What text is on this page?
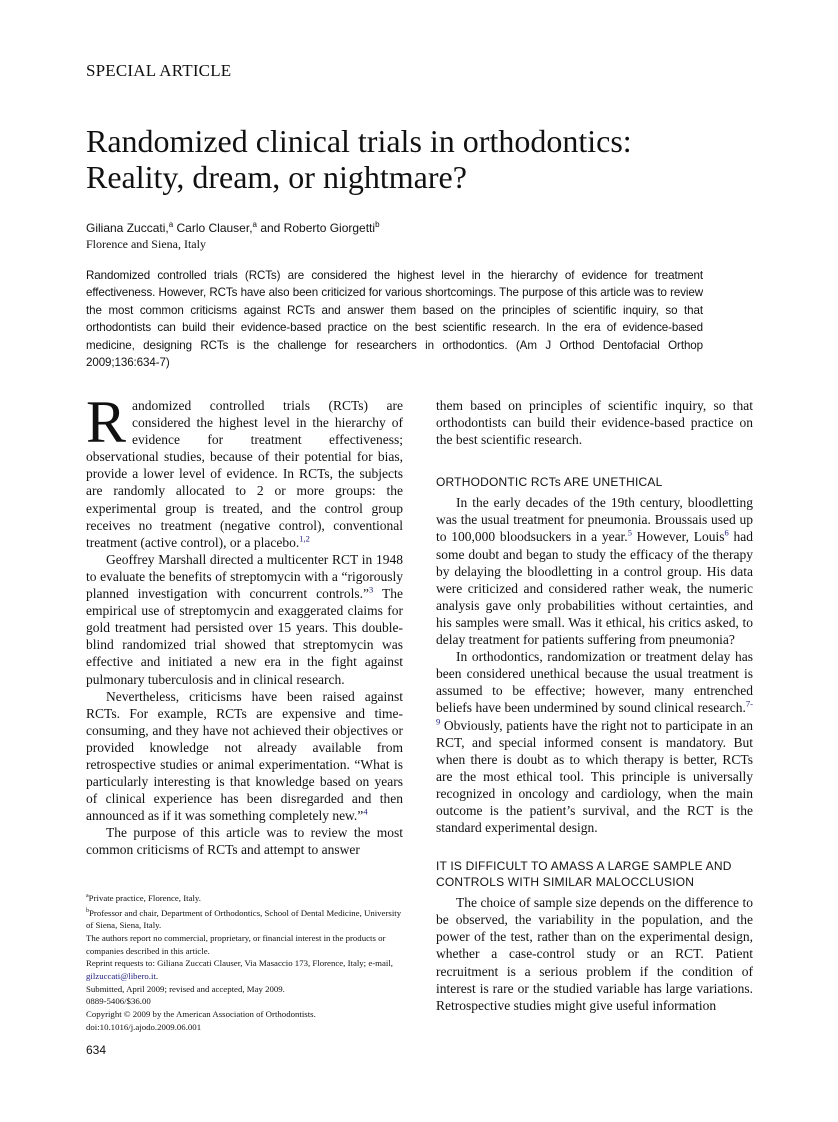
SPECIAL ARTICLE
Randomized clinical trials in orthodontics:
Reality, dream, or nightmare?
Giliana Zuccati,$^a$ Carlo Clauser,$^a$ and Roberto Giorgetti$^b$
Florence and Siena, Italy
Randomized controlled trials (RCTs) are considered the highest level in the hierarchy of evidence for treatment effectiveness. However, RCTs have also been criticized for various shortcomings. The purpose of this article was to review the most common criticisms against RCTs and answer them based on the principles of scientific inquiry, so that orthodontists can build their evidence-based practice on the best scientific research. In the era of evidence-based medicine, designing RCTs is the challenge for researchers in orthodontics. (Am J Orthod Dentofacial Orthop 2009;136:634-7)

Randomized controlled trials (RCTs) are considered the highest level in the hierarchy of evidence for treatment effectiveness; observational studies, because of their potential for bias, provide a lower level of evidence. In RCTs, the subjects are randomly allocated to 2 or more groups: the experimental group is treated, and the control group receives no treatment (negative control), conventional treatment (active control), or a placebo.$^{1,2}$

Geoffrey Marshall directed a multicenter RCT in 1948 to evaluate the benefits of streptomycin with a “rigorously planned investigation with concurrent controls.”$^3$ The empirical use of streptomycin and exaggerated claims for gold treatment had persisted over 15 years. This double-blind randomized trial showed that streptomycin was effective and initiated a new era in the fight against pulmonary tuberculosis and in clinical research.

Nevertheless, criticisms have been raised against RCTs. For example, RCTs are expensive and time-consuming, and they have not achieved their objectives or provided knowledge not already available from retrospective studies or animal experimentation. “What is particularly interesting is that knowledge based on years of clinical experience has been disregarded and then announced as if it was something completely new.”$^4$

The purpose of this article was to review the most common criticisms of RCTs and attempt to answer

them based on principles of scientific inquiry, so that orthodontists can build their evidence-based practice on the best scientific research.

ORTHODONTIC RCTs ARE UNETHICAL

In the early decades of the 19th century, bloodletting was the usual treatment for pneumonia. Broussais used up to 100,000 bloodsuckers in a year.$^5$ However, Louis$^6$ had some doubt and began to study the efficacy of the therapy by delaying the bloodletting in a control group. His data were criticized and considered rather weak, the numeric analysis gave only probabilities without certainties, and his samples were small. Was it ethical, his critics asked, to delay treatment for patients suffering from pneumonia?

In orthodontics, randomization or treatment delay has been considered unethical because the usual treatment is assumed to be effective; however, many entrenched beliefs have been undermined by sound clinical research.$^{7-9}$ Obviously, patients have the right not to participate in an RCT, and special informed consent is mandatory. But when there is doubt as to which therapy is better, RCTs are the most ethical tool. This principle is universally recognized in oncology and cardiology, when the main outcome is the patient’s survival, and the RCT is the standard experimental design.

IT IS DIFFICULT TO AMASS A LARGE SAMPLE AND CONTROLS WITH SIMILAR MALOCCLUSION

The choice of sample size depends on the difference to be observed, the variability in the population, and the power of the test, rather than on the experimental design, whether a case-control study or an RCT. Patient recruitment is a serious problem if the condition of interest is rare or the studied variable has large variations. Retrospective studies might give useful information

$^a$Private practice, Florence, Italy.
$^b$Professor and chair, Department of Orthodontics, School of Dental Medicine, University of Siena, Siena, Italy.
The authors report no commercial, proprietary, or financial interest in the products or companies described in this article.
Reprint requests to: Giliana Zuccati Clauser, Via Masaccio 173, Florence, Italy; e-mail, gilzuccati@libero.it.
Submitted, April 2009; revised and accepted, May 2009.
0889-5406/$36.00
Copyright © 2009 by the American Association of Orthodontists.
doi:10.1016/j.ajodo.2009.06.001
634
